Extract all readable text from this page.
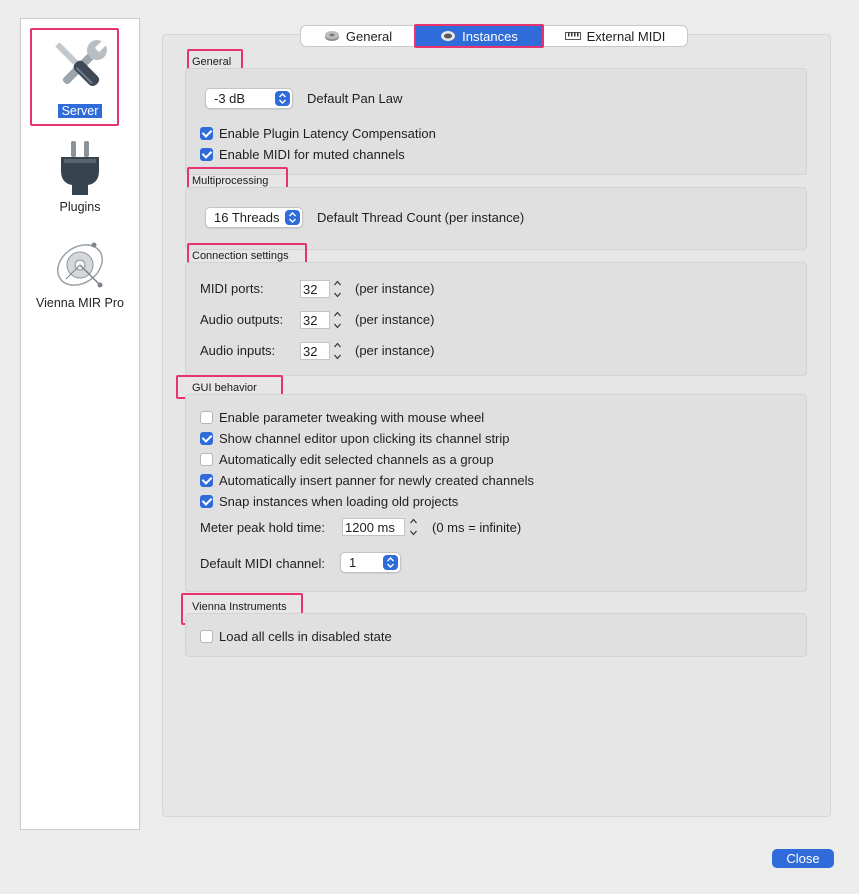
Server
Plugins
Vienna MIR Pro
General	Instances	External MIDI
General
-3 dB	Default Pan Law
Enable Plugin Latency Compensation
Enable MIDI for muted channels
Multiprocessing
16 Threads	Default Thread Count (per instance)
Connection settings
MIDI ports:	32	(per instance)
Audio outputs: 32	(per instance)
Audio inputs: 32	(per instance)
GUI behavior
Enable parameter tweaking with mouse wheel
Show channel editor upon clicking its channel strip
Automatically edit selected channels as a group
Automatically insert panner for newly created channels
Snap instances when loading old projects
Meter peak hold time: 1200 ms	(0 ms = infinite)
Default MIDI channel:	1
Vienna Instruments
Load all cells in disabled state
Close
